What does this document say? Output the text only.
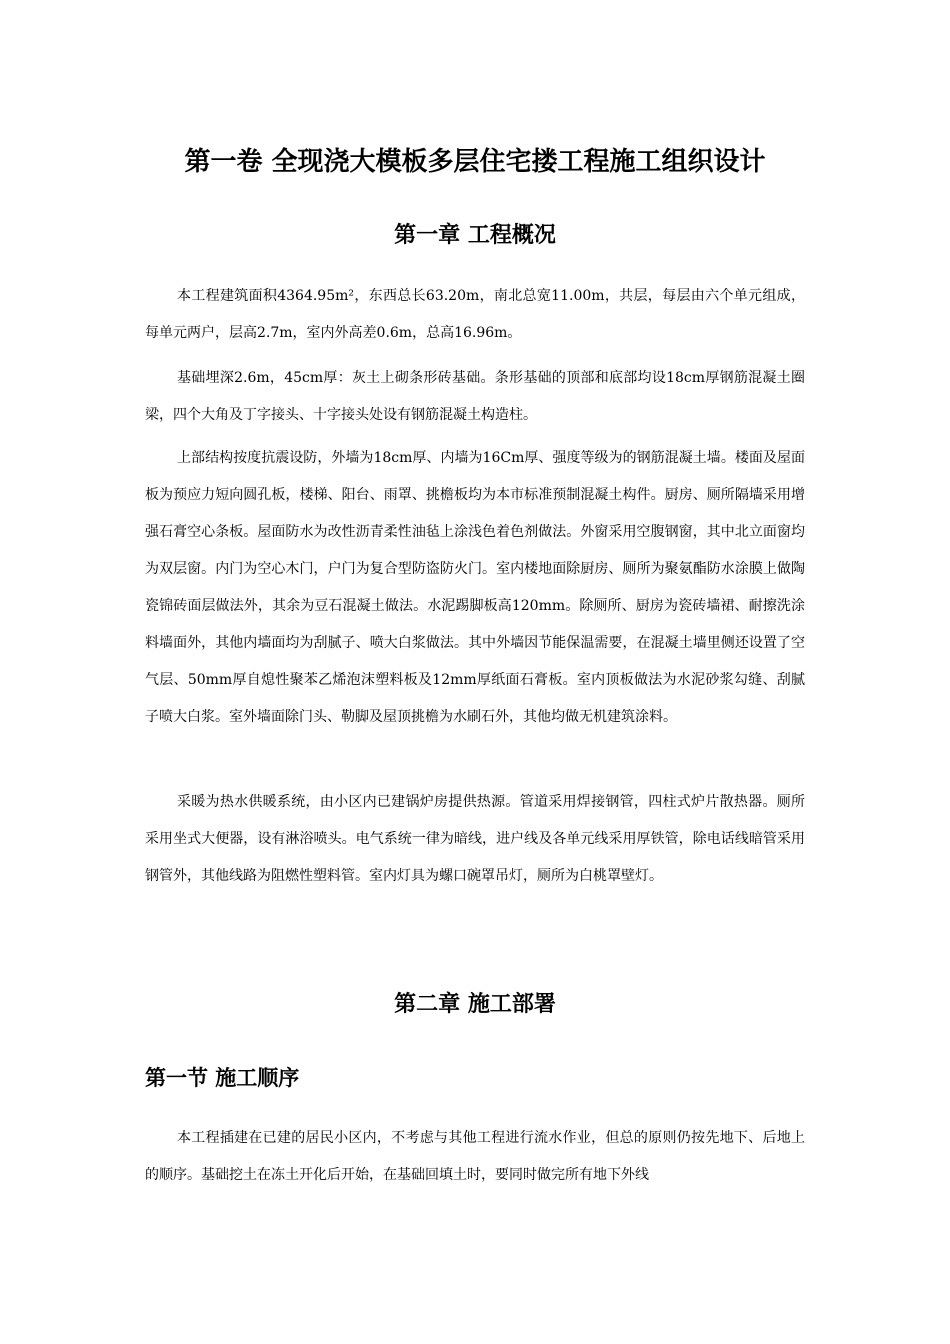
第一卷 全现浇大模板多层住宅搂工程施工组织设计
第一章 工程概况

本工程建筑面积4364.95m²，东西总长63.20m，南北总宽11.00m，共层，每层由六个单元组成，每单元两户，层高2.7m，室内外高差0.6m，总高16.96m。

基础埋深2.6m，45cm厚：灰土上砌条形砖基础。条形基础的顶部和底部均设18cm厚钢筋混凝土圈梁，四个大角及丁字接头、十字接头处设有钢筋混凝土构造柱。

上部结构按度抗震设防，外墙为18cm厚、内墙为16Cm厚、强度等级为的钢筋混凝土墙。楼面及屋面板为预应力短向圆孔板，楼梯、阳台、雨罩、挑檐板均为本市标准预制混凝土构件。厨房、厕所隔墙采用增强石膏空心条板。屋面防水为改性沥青柔性油毡上涂浅色着色剂做法。外窗采用空腹钢窗，其中北立面窗均为双层窗。内门为空心木门，户门为复合型防盗防火门。室内楼地面除厨房、厕所为聚氨酯防水涂膜上做陶瓷锦砖面层做法外，其余为豆石混凝土做法。水泥踢脚板高120mm。除厕所、厨房为瓷砖墙裙、耐擦洗涂料墙面外，其他内墙面均为刮腻子、喷大白浆做法。其中外墙因节能保温需要，在混凝土墙里侧还设置了空气层、50mm厚自熄性聚苯乙烯泡沫塑料板及12mm厚纸面石膏板。室内顶板做法为水泥砂浆勾缝、刮腻子喷大白浆。室外墙面除门头、勒脚及屋顶挑檐为水刷石外，其他均做无机建筑涂料。

采暖为热水供暖系统，由小区内已建锅炉房提供热源。管道采用焊接钢管，四柱式炉片散热器。厕所采用坐式大便器，设有淋浴喷头。电气系统一律为暗线，进户线及各单元线采用厚铁管，除电话线暗管采用钢管外，其他线路为阻燃性塑料管。室内灯具为螺口碗罩吊灯，厕所为白桃罩壁灯。

第二章 施工部署
第一节 施工顺序

本工程插建在已建的居民小区内，不考虑与其他工程进行流水作业，但总的原则仍按先地下、后地上的顺序。基础挖土在冻土开化后开始，在基础回填土时，要同时做完所有地下外线
